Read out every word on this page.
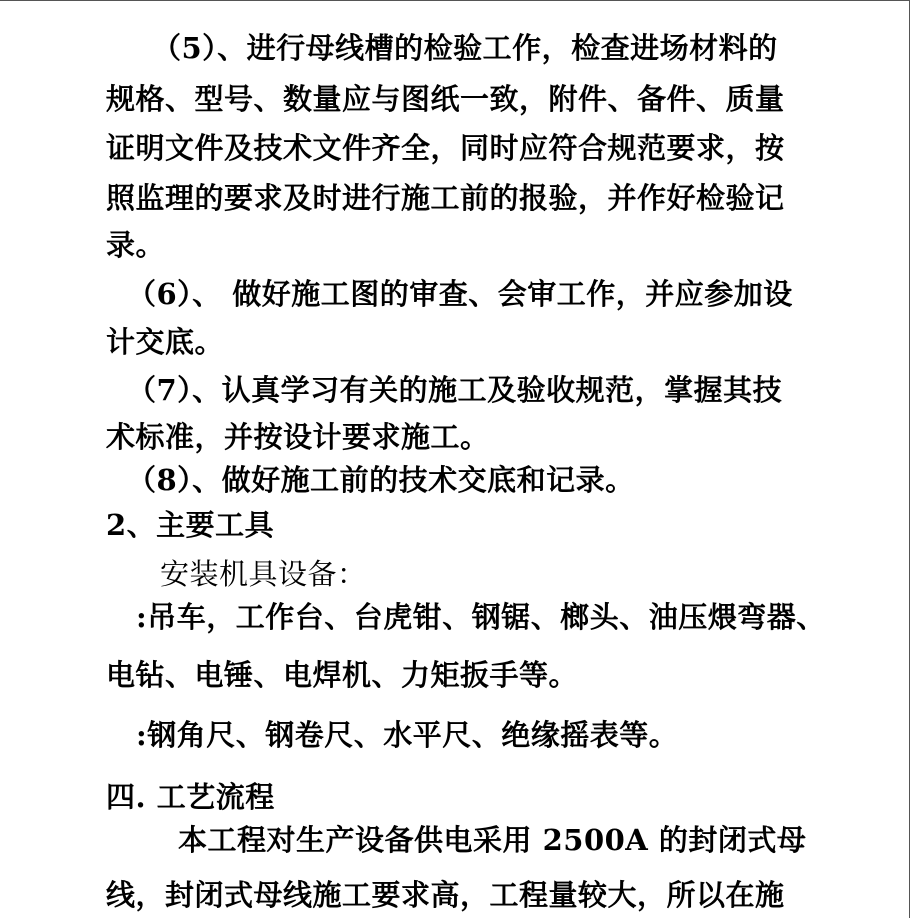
（5）、进行母线槽的检验工作，检查进场材料的
规格、型号、数量应与图纸一致，附件、备件、质量
证明文件及技术文件齐全，同时应符合规范要求，按
照监理的要求及时进行施工前的报验，并作好检验记
录。
（6）、 做好施工图的审查、会审工作，并应参加设
计交底。
（7）、认真学习有关的施工及验收规范，掌握其技
术标准，并按设计要求施工。
（8）、做好施工前的技术交底和记录。
2、主要工具
安装机具设备：
:吊车，工作台、台虎钳、钢锯、榔头、油压煨弯器、
电钻、电锤、电焊机、力矩扳手等。
:钢角尺、钢卷尺、水平尺、绝缘摇表等。
四. 工艺流程
本工程对生产设备供电采用 2500A 的封闭式母
线，封闭式母线施工要求高，工程量较大，所以在施
